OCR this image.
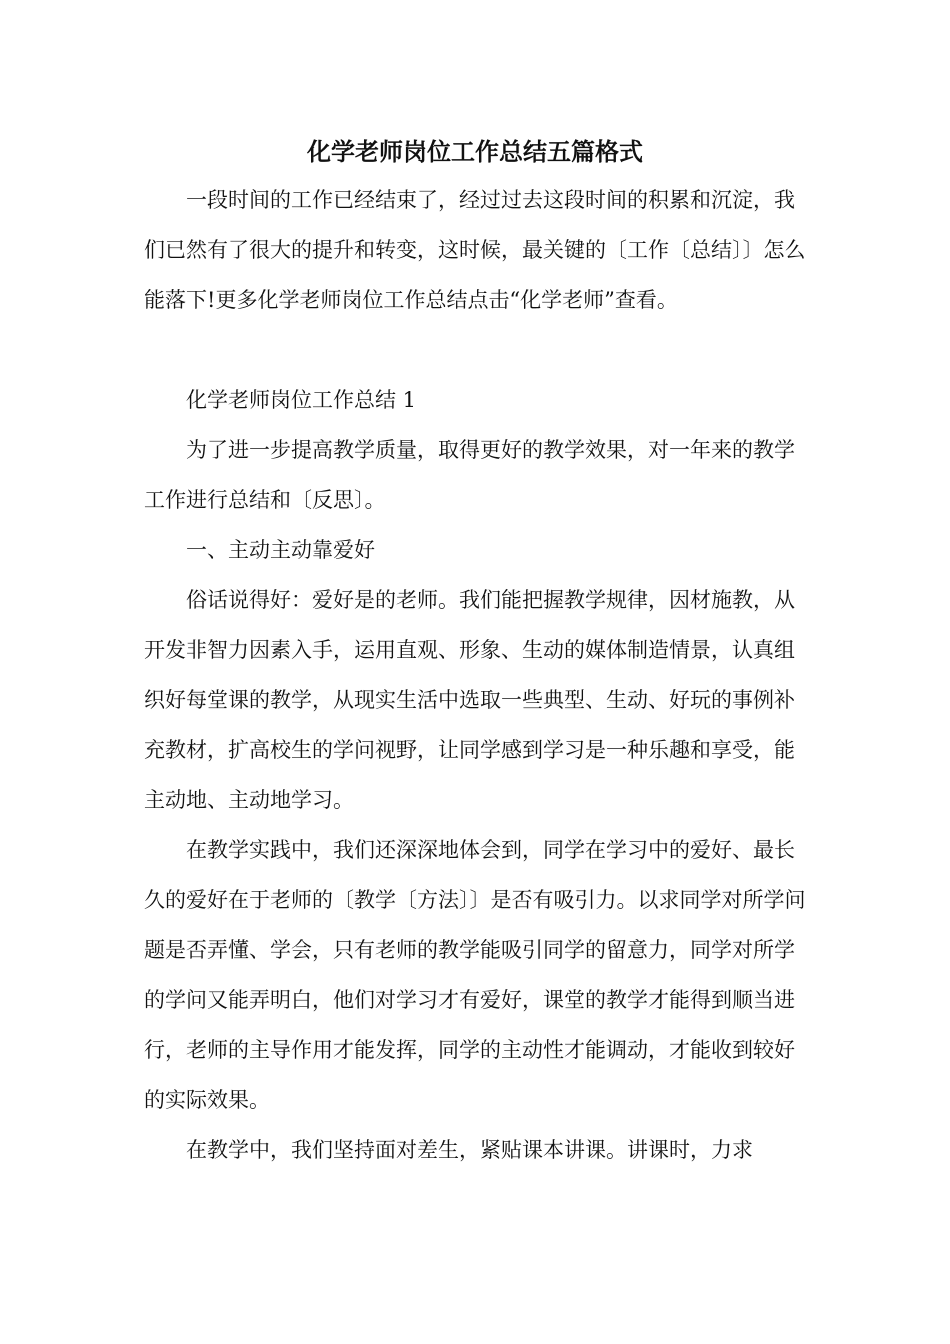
化学老师岗位工作总结五篇格式

一段时间的工作已经结束了，经过过去这段时间的积累和沉淀，我们已然有了很大的提升和转变，这时候，最关键的〔工作〔总结〕〕怎么能落下!更多化学老师岗位工作总结点击“化学老师”查看。

化学老师岗位工作总结 1

为了进一步提高教学质量，取得更好的教学效果，对一年来的教学工作进行总结和〔反思〕。

一、主动主动靠爱好

俗话说得好：爱好是的老师。我们能把握教学规律，因材施教，从开发非智力因素入手，运用直观、形象、生动的媒体制造情景，认真组织好每堂课的教学，从现实生活中选取一些典型、生动、好玩的事例补充教材，扩高校生的学问视野，让同学感到学习是一种乐趣和享受，能主动地、主动地学习。

在教学实践中，我们还深深地体会到，同学在学习中的爱好、最长久的爱好在于老师的〔教学〔方法〕〕是否有吸引力。以求同学对所学问题是否弄懂、学会，只有老师的教学能吸引同学的留意力，同学对所学的学问又能弄明白，他们对学习才有爱好，课堂的教学才能得到顺当进行，老师的主导作用才能发挥，同学的主动性才能调动，才能收到较好的实际效果。

在教学中，我们坚持面对差生，紧贴课本讲课。讲课时，力求
